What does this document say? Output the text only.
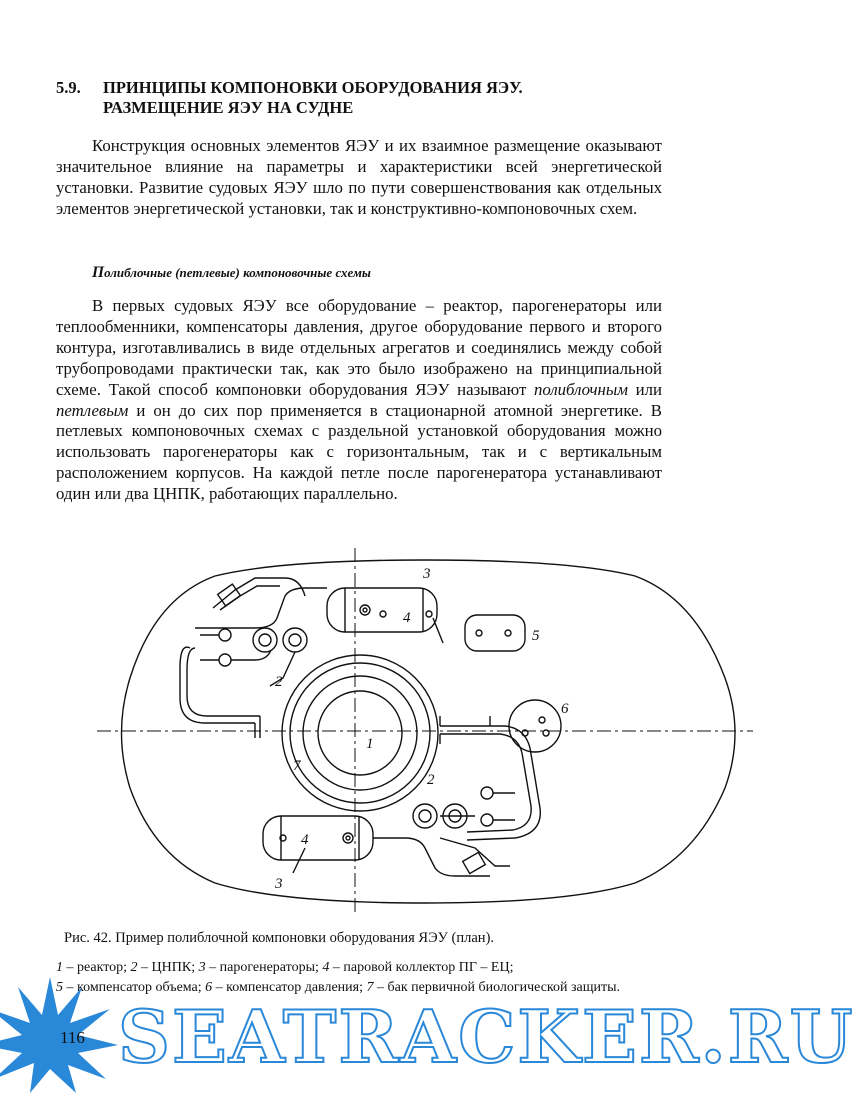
5.9. ПРИНЦИПЫ КОМПОНОВКИ ОБОРУДОВАНИЯ ЯЭУ.
РАЗМЕЩЕНИЕ ЯЭУ НА СУДНЕ

Конструкция основных элементов ЯЭУ и их взаимное размещение оказывают значительное влияние на параметры и характеристики всей энергетической установки. Развитие судовых ЯЭУ шло по пути совершенствования как отдельных элементов энергетической установки, так и конструктивно-компоновочных схем.

Полиблочные (петлевые) компоновочные схемы

В первых судовых ЯЭУ все оборудование – реактор, парогенераторы или теплообменники, компенсаторы давления, другое оборудование первого и второго контура, изготавливались в виде отдельных агрегатов и соединялись между собой трубопроводами практически так, как это было изображено на принципиальной схеме. Такой способ компоновки оборудования ЯЭУ называют полиблочным или петлевым и он до сих пор применяется в стационарной атомной энергетике. В петлевых компоновочных схемах с раздельной установкой оборудования можно использовать парогенераторы как с горизонтальным, так и с вертикальным расположением корпусов. На каждой петле после парогенератора устанавливают один или два ЦНПК, работающих параллельно.

1
2
2
3
3
4
4
5
6
7

Рис. 42. Пример полиблочной компоновки оборудования ЯЭУ (план).

1 – реактор; 2 – ЦНПК; 3 – парогенераторы; 4 – паровой коллектор ПГ – ЕЦ;
5 – компенсатор объема; 6 – компенсатор давления; 7 – бак первичной биологической защиты.

SEATRACKER.RU

116
